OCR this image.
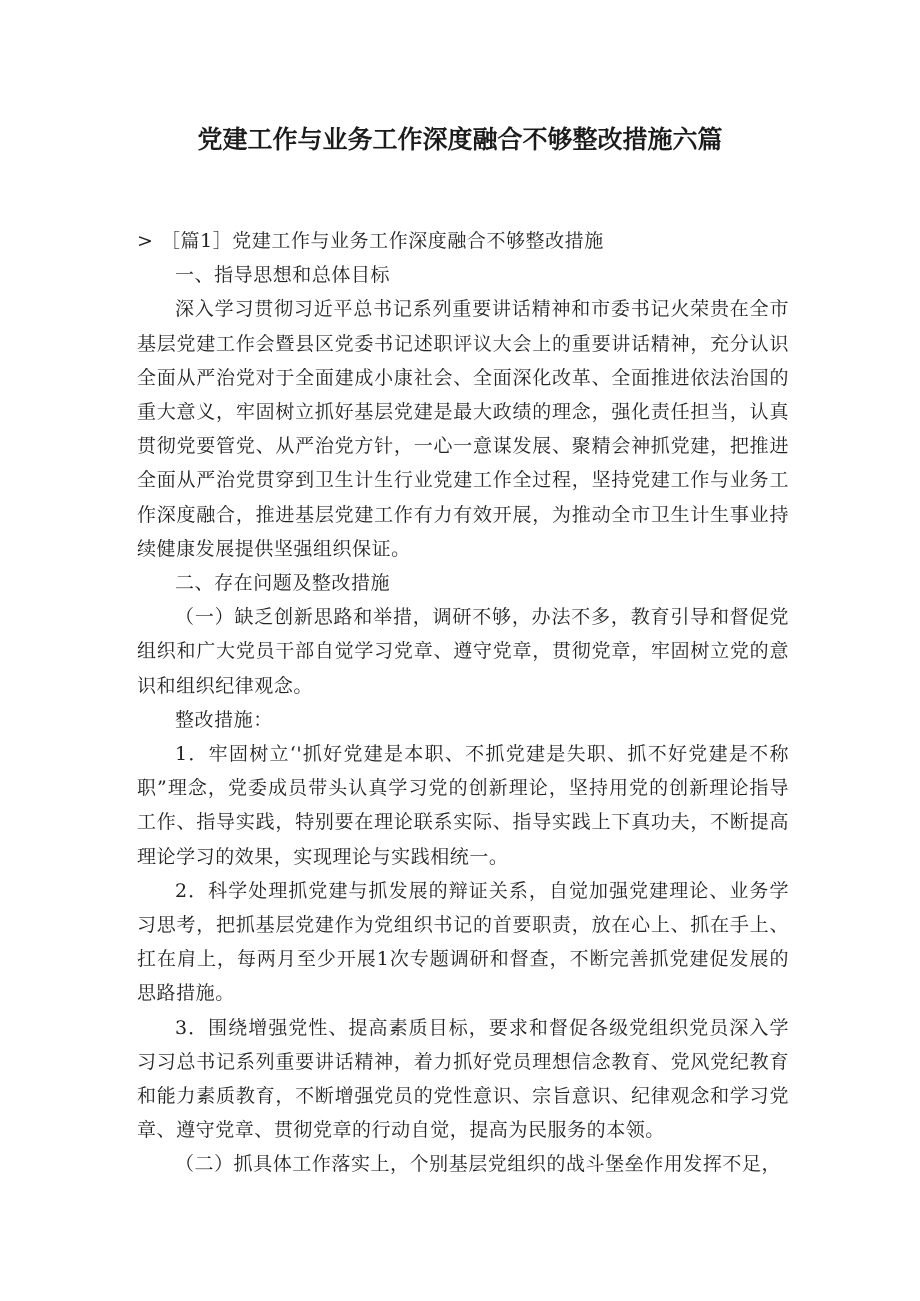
党建工作与业务工作深度融合不够整改措施六篇

> ［篇1］党建工作与业务工作深度融合不够整改措施

一、指导思想和总体目标

深入学习贯彻习近平总书记系列重要讲话精神和市委书记火荣贵在全市基层党建工作会暨县区党委书记述职评议大会上的重要讲话精神，充分认识全面从严治党对于全面建成小康社会、全面深化改革、全面推进依法治国的重大意义，牢固树立抓好基层党建是最大政绩的理念，强化责任担当，认真贯彻党要管党、从严治党方针，一心一意谋发展、聚精会神抓党建，把推进全面从严治党贯穿到卫生计生行业党建工作全过程，坚持党建工作与业务工作深度融合，推进基层党建工作有力有效开展，为推动全市卫生计生事业持续健康发展提供坚强组织保证。

二、存在问题及整改措施

（一）缺乏创新思路和举措，调研不够，办法不多，教育引导和督促党组织和广大党员干部自觉学习党章、遵守党章，贯彻党章，牢固树立党的意识和组织纪律观念。

整改措施：

1．牢固树立‘'抓好党建是本职、不抓党建是失职、抓不好党建是不称职”理念，党委成员带头认真学习党的创新理论，坚持用党的创新理论指导工作、指导实践，特别要在理论联系实际、指导实践上下真功夫，不断提高理论学习的效果，实现理论与实践相统一。

2．科学处理抓党建与抓发展的辩证关系，自觉加强党建理论、业务学习思考，把抓基层党建作为党组织书记的首要职责，放在心上、抓在手上、扛在肩上，每两月至少开展1次专题调研和督查，不断完善抓党建促发展的思路措施。

3．围绕增强党性、提高素质目标，要求和督促各级党组织党员深入学习习总书记系列重要讲话精神，着力抓好党员理想信念教育、党风党纪教育和能力素质教育，不断增强党员的党性意识、宗旨意识、纪律观念和学习党章、遵守党章、贯彻党章的行动自觉，提高为民服务的本领。

（二）抓具体工作落实上，个别基层党组织的战斗堡垒作用发挥不足，
